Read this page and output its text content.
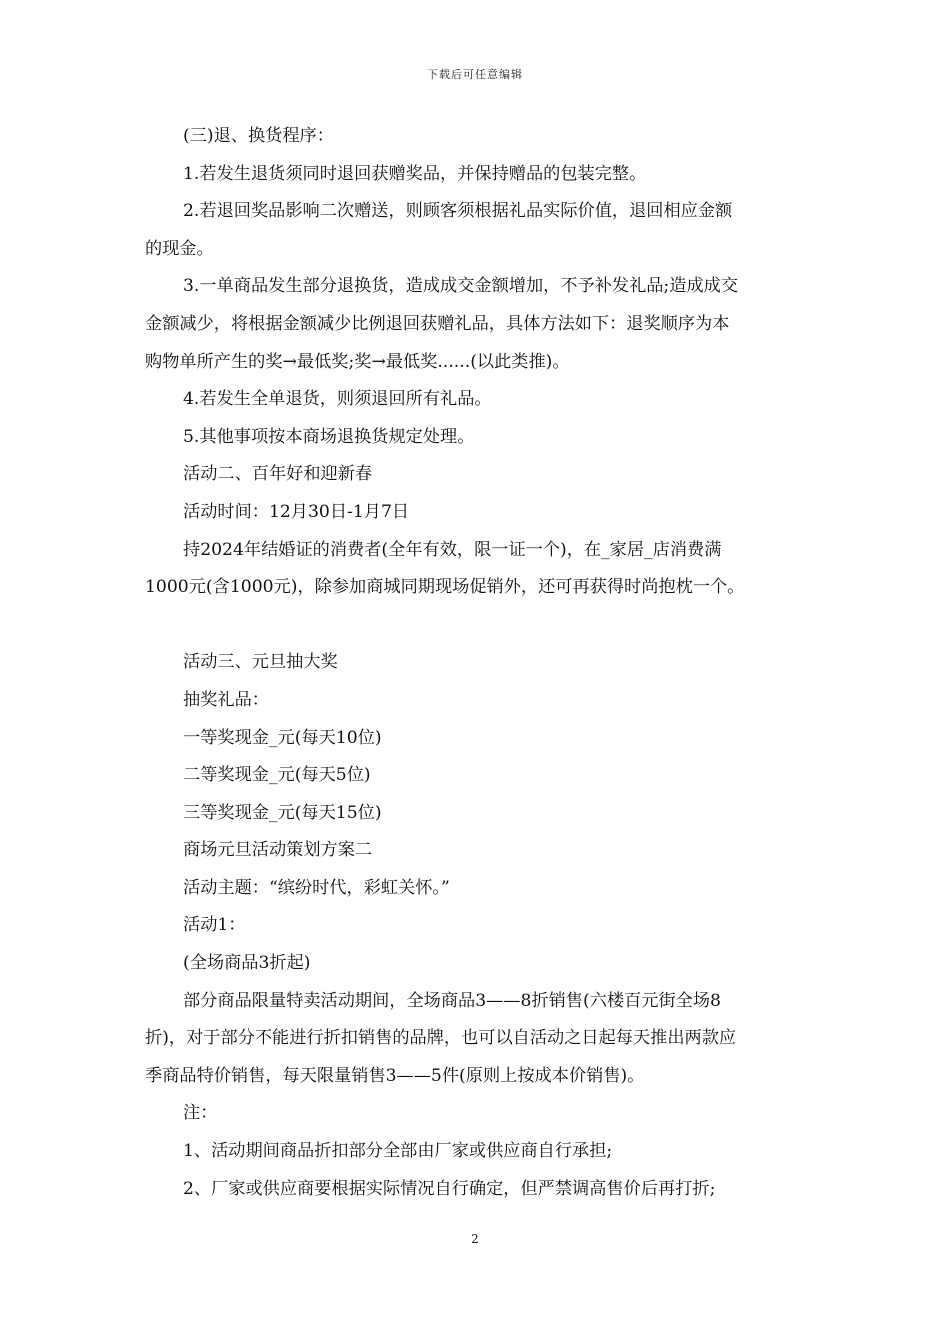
下载后可任意编辑

(三)退、换货程序：

1.若发生退货须同时退回获赠奖品，并保持赠品的包装完整。

2.若退回奖品影响二次赠送，则顾客须根据礼品实际价值，退回相应金额

的现金。

3.一单商品发生部分退换货，造成成交金额增加，不予补发礼品;造成成交

金额减少，将根据金额减少比例退回获赠礼品，具体方法如下：退奖顺序为本

购物单所产生的奖→最低奖;奖→最低奖......(以此类推)。

4.若发生全单退货，则须退回所有礼品。

5.其他事项按本商场退换货规定处理。

活动二、百年好和迎新春

活动时间：12月30日-1月7日

持2024年结婚证的消费者(全年有效，限一证一个)，在_家居_店消费满

1000元(含1000元)，除参加商城同期现场促销外，还可再获得时尚抱枕一个。

活动三、元旦抽大奖

抽奖礼品：

一等奖现金_元(每天10位)

二等奖现金_元(每天5位)

三等奖现金_元(每天15位)

商场元旦活动策划方案二

活动主题：“缤纷时代，彩虹关怀。”

活动1：

(全场商品3折起)

部分商品限量特卖活动期间，全场商品3——8折销售(六楼百元街全场8

折)，对于部分不能进行折扣销售的品牌，也可以自活动之日起每天推出两款应

季商品特价销售，每天限量销售3——5件(原则上按成本价销售)。

注：

1、活动期间商品折扣部分全部由厂家或供应商自行承担;

2、厂家或供应商要根据实际情况自行确定，但严禁调高售价后再打折;

2
